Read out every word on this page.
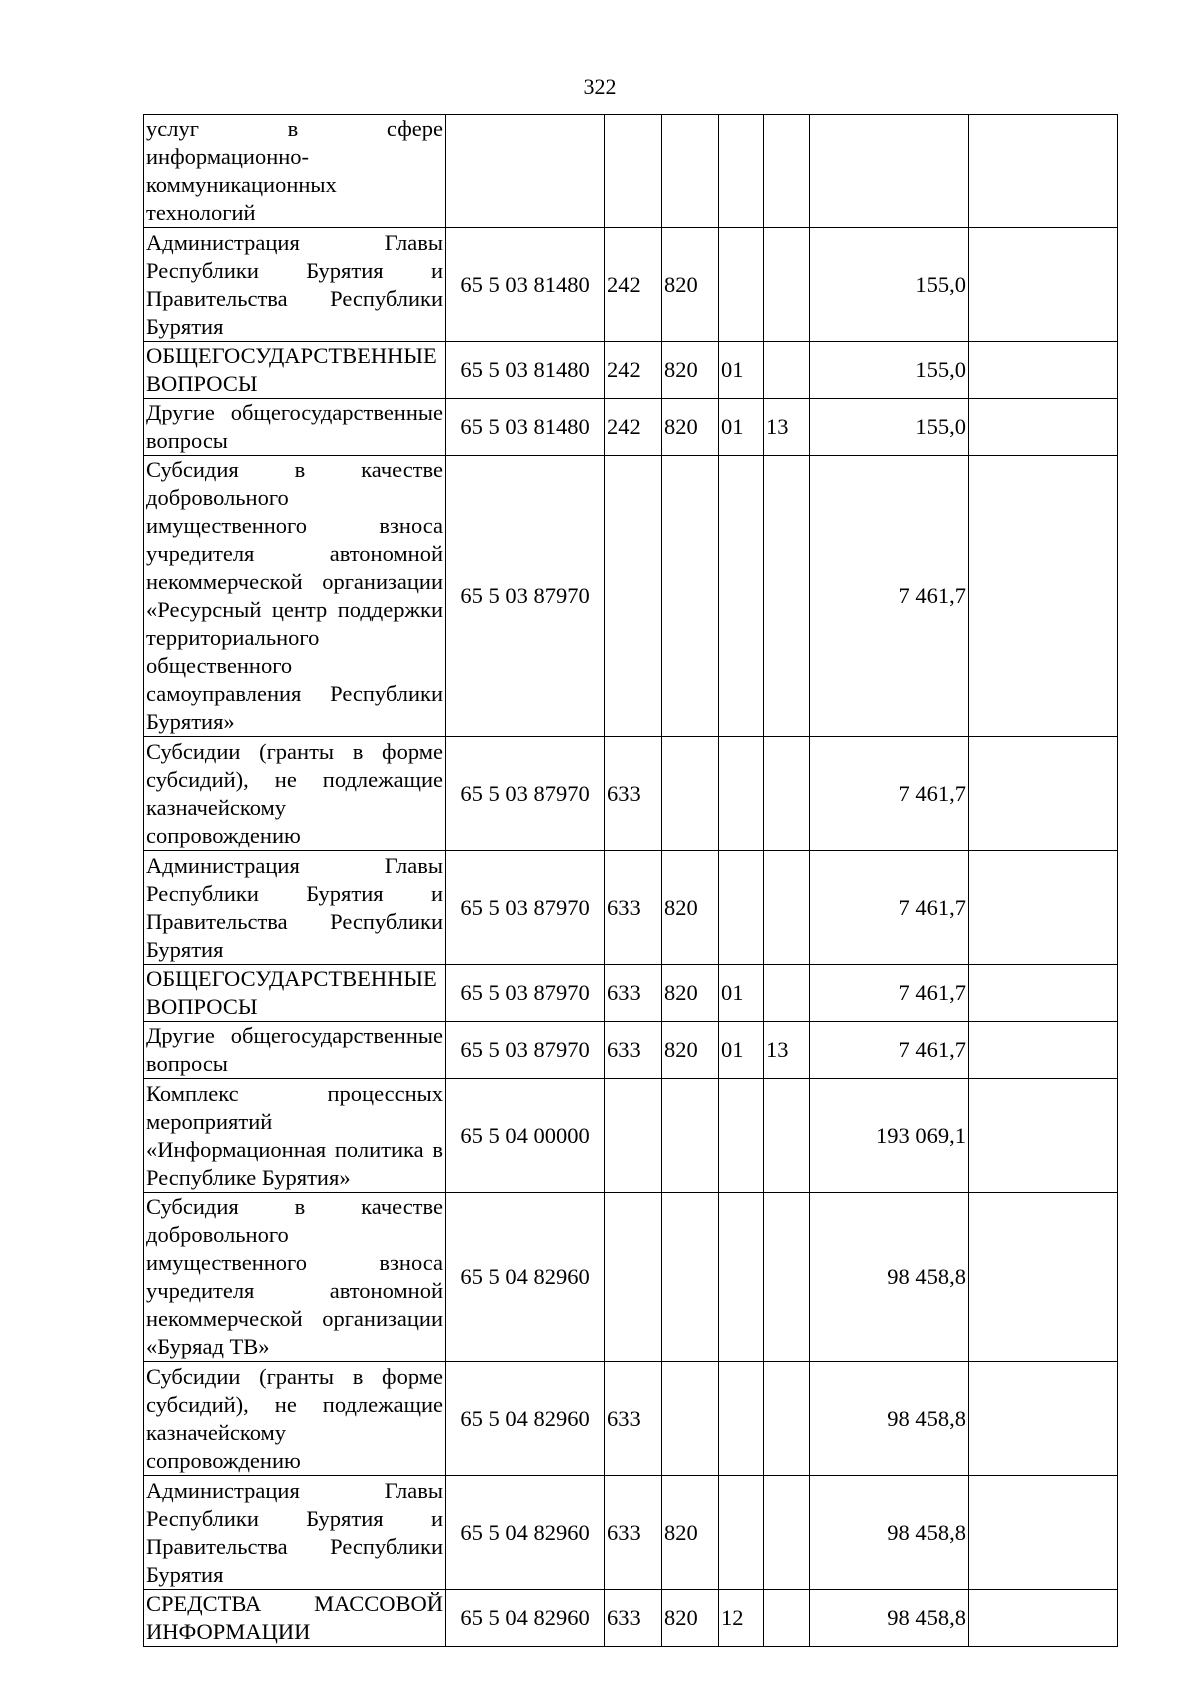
322
услуг в сфере информационно-коммуникационных технологий							
Администрация Главы Республики Бурятия и Правительства Республики Бурятия	65 5 03 81480	242	820			155,0	
ОБЩЕГОСУДАРСТВЕННЫЕ ВОПРОСЫ	65 5 03 81480	242	820	01		155,0	
Другие общегосударственные вопросы	65 5 03 81480	242	820	01	13	155,0	
Субсидия в качестве добровольного имущественного взноса учредителя автономной некоммерческой организации «Ресурсный центр поддержки территориального общественного самоуправления Республики Бурятия»	65 5 03 87970					7 461,7	
Субсидии (гранты в форме субсидий), не подлежащие казначейскому сопровождению	65 5 03 87970	633				7 461,7	
Администрация Главы Республики Бурятия и Правительства Республики Бурятия	65 5 03 87970	633	820			7 461,7	
ОБЩЕГОСУДАРСТВЕННЫЕ ВОПРОСЫ	65 5 03 87970	633	820	01		7 461,7	
Другие общегосударственные вопросы	65 5 03 87970	633	820	01	13	7 461,7	
Комплекс процессных мероприятий «Информационная политика в Республике Бурятия»	65 5 04 00000					193 069,1	
Субсидия в качестве добровольного имущественного взноса учредителя автономной некоммерческой организации «Буряад ТВ»	65 5 04 82960					98 458,8	
Субсидии (гранты в форме субсидий), не подлежащие казначейскому сопровождению	65 5 04 82960	633				98 458,8	
Администрация Главы Республики Бурятия и Правительства Республики Бурятия	65 5 04 82960	633	820			98 458,8	
СРЕДСТВА МАССОВОЙ ИНФОРМАЦИИ	65 5 04 82960	633	820	12		98 458,8	
